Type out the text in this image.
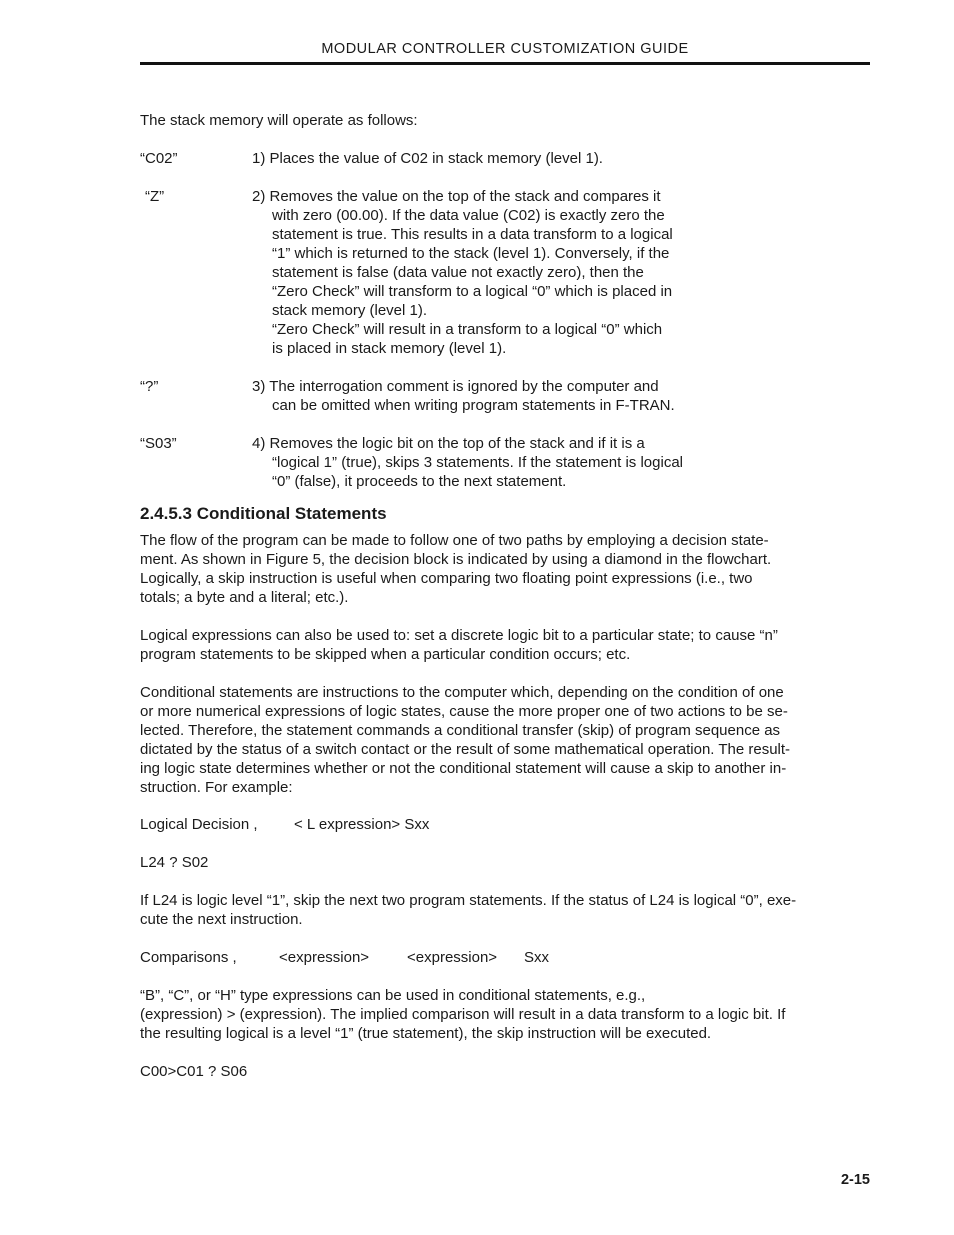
MODULAR CONTROLLER CUSTOMIZATION GUIDE
The stack memory will operate as follows:
“C02”	1) Places the value of C02 in stack memory (level 1).
“Z”	2) Removes the value on the top of the stack and compares it
with zero (00.00). If the data value (C02) is exactly zero the
statement is true. This results in a data transform to a logical
“1” which is returned to the stack (level 1). Conversely, if the
statement is false (data value not exactly zero), then the
“Zero Check” will transform to a logical “0” which is placed in
stack memory (level 1).
“Zero Check” will result in a transform to a logical “0” which
is placed in stack memory (level 1).
“?”	3) The interrogation comment is ignored by the computer and
can be omitted when writing program statements in F-TRAN.
“S03”	4) Removes the logic bit on the top of the stack and if it is a
“logical 1” (true), skips 3 statements. If the statement is logical
“0” (false), it proceeds to the next statement.
2.4.5.3 Conditional Statements
The flow of the program can be made to follow one of two paths by employing a decision state-
ment. As shown in Figure 5, the decision block is indicated by using a diamond in the flowchart.
Logically, a skip instruction is useful when comparing two floating point expressions (i.e., two
totals; a byte and a literal; etc.).
Logical expressions can also be used to: set a discrete logic bit to a particular state; to cause “n”
program statements to be skipped when a particular condition occurs; etc.
Conditional statements are instructions to the computer which, depending on the condition of one
or more numerical expressions of logic states, cause the more proper one of two actions to be se-
lected. Therefore, the statement commands a conditional transfer (skip) of program sequence as
dictated by the status of a switch contact or the result of some mathematical operation. The result-
ing logic state determines whether or not the conditional statement will cause a skip to another in-
struction. For example:
Logical Decision , < L expression> Sxx
L24 ? S02
If L24 is logic level “1”, skip the next two program statements. If the status of L24 is logical “0”, exe-
cute the next instruction.
Comparisons ,	<expression>	<expression> Sxx
“B”, “C”, or “H” type expressions can be used in conditional statements, e.g.,
(expression) > (expression). The implied comparison will result in a data transform to a logic bit. If
the resulting logical is a level “1” (true statement), the skip instruction will be executed.
C00>C01 ? S06
2-15
